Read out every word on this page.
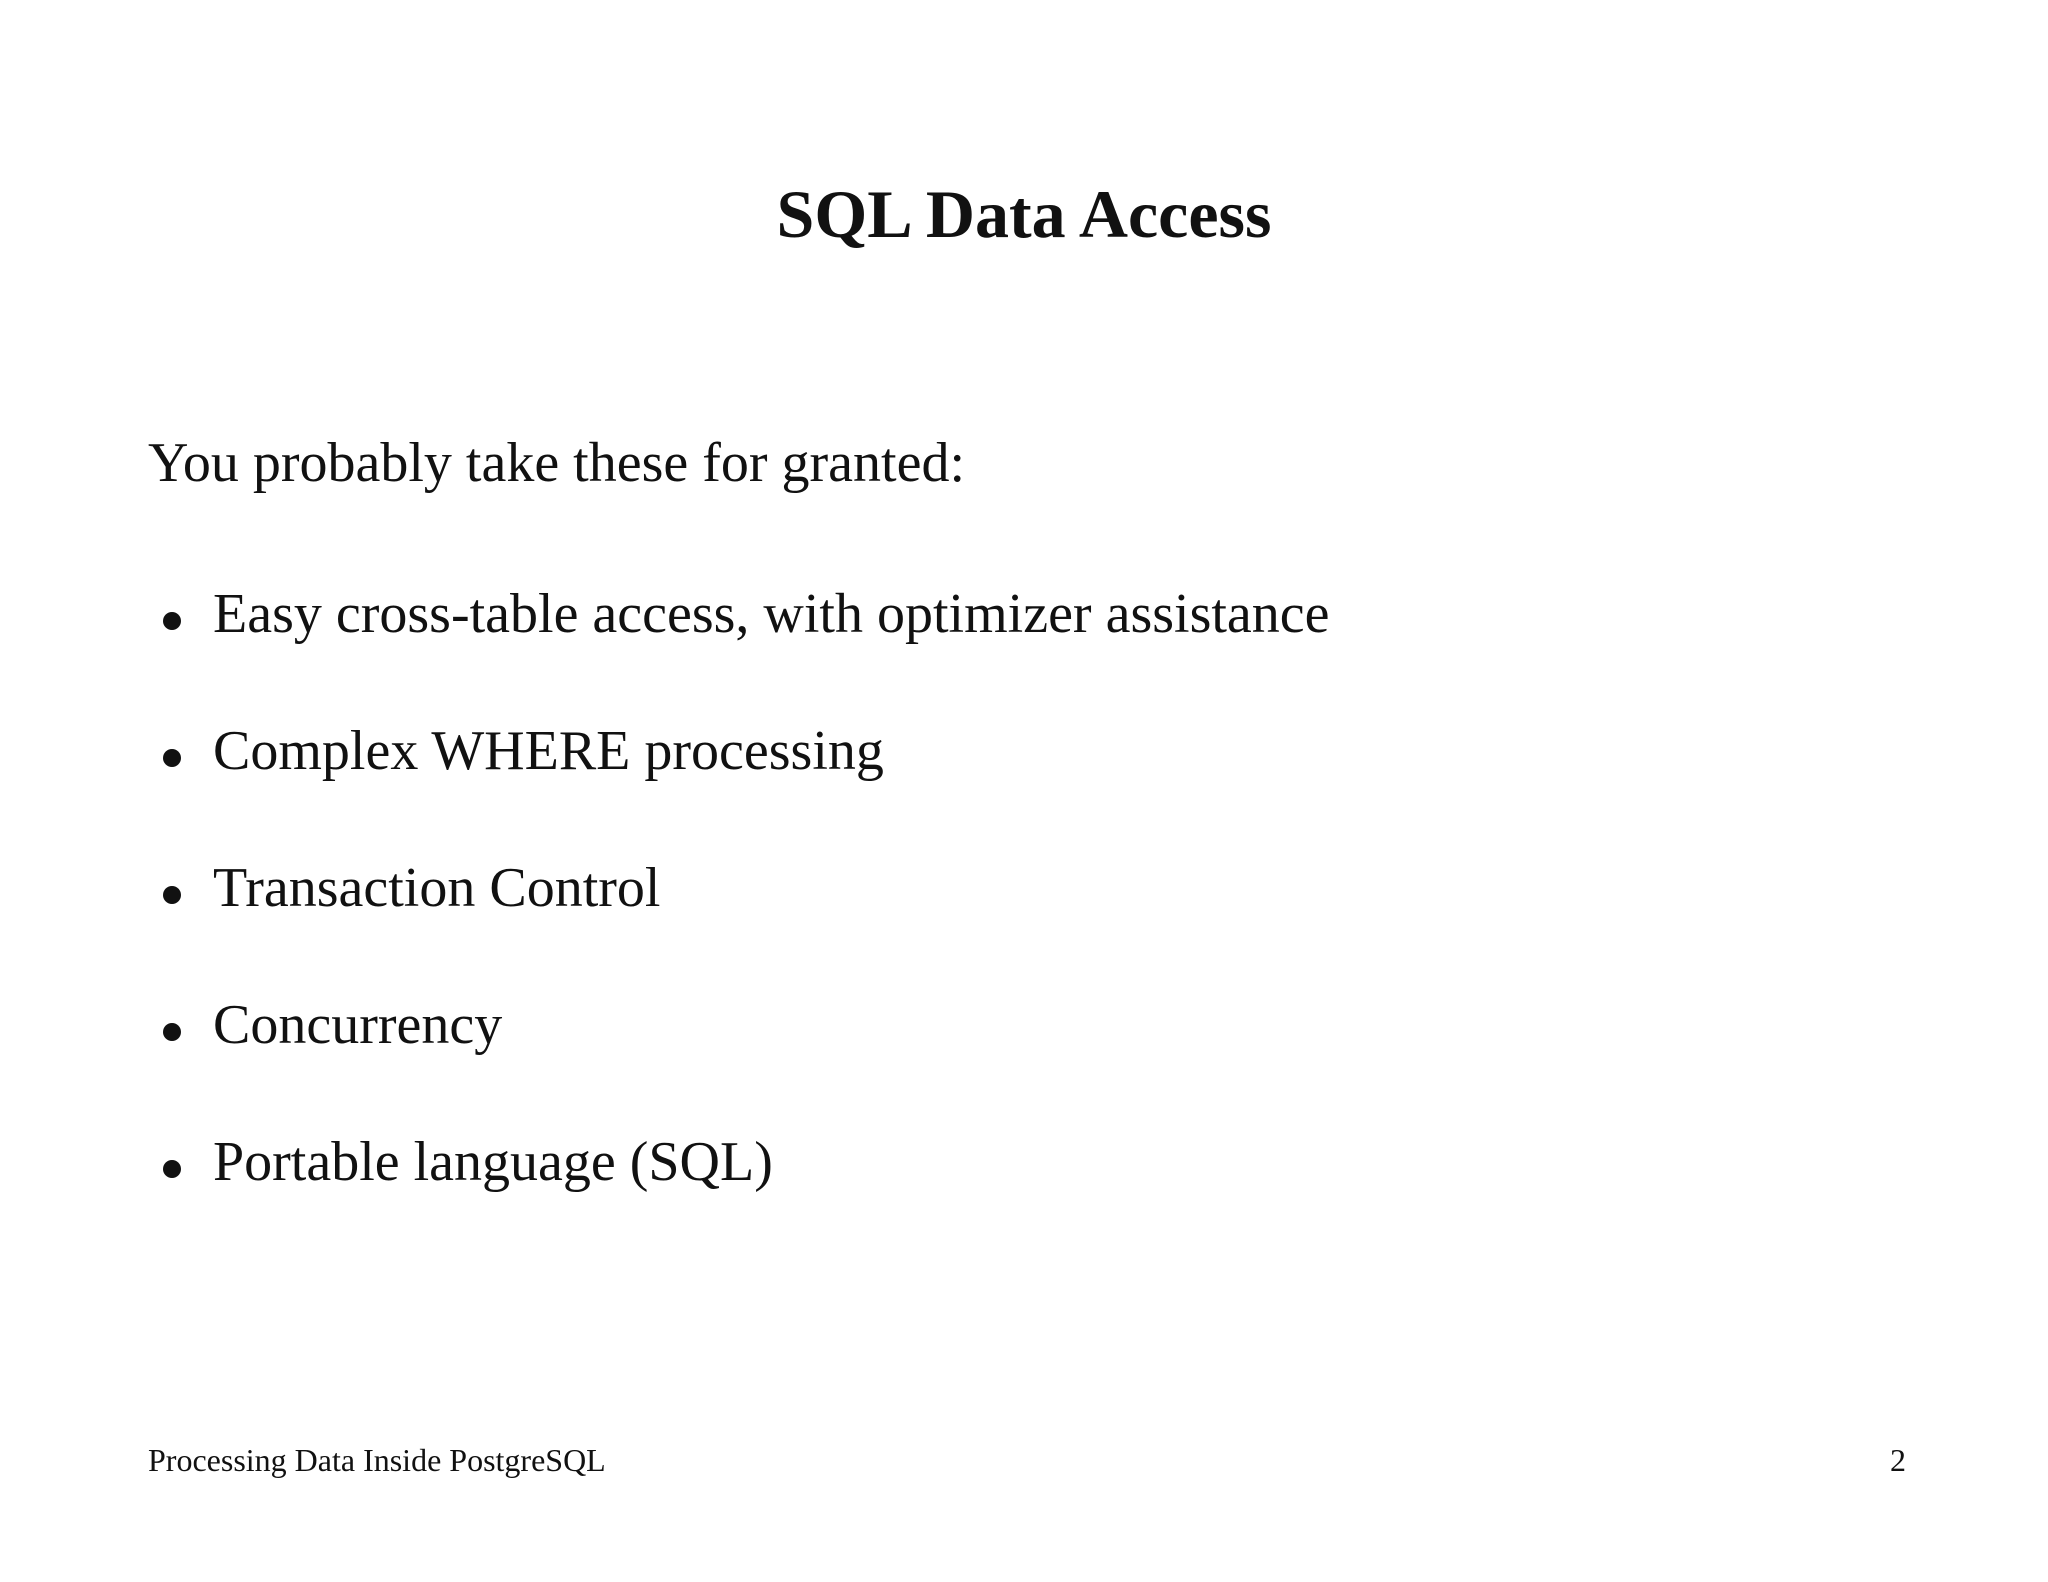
SQL Data Access

You probably take these for granted:

Easy cross-table access, with optimizer assistance
Complex WHERE processing
Transaction Control
Concurrency
Portable language (SQL)
Processing Data Inside PostgreSQL	2
